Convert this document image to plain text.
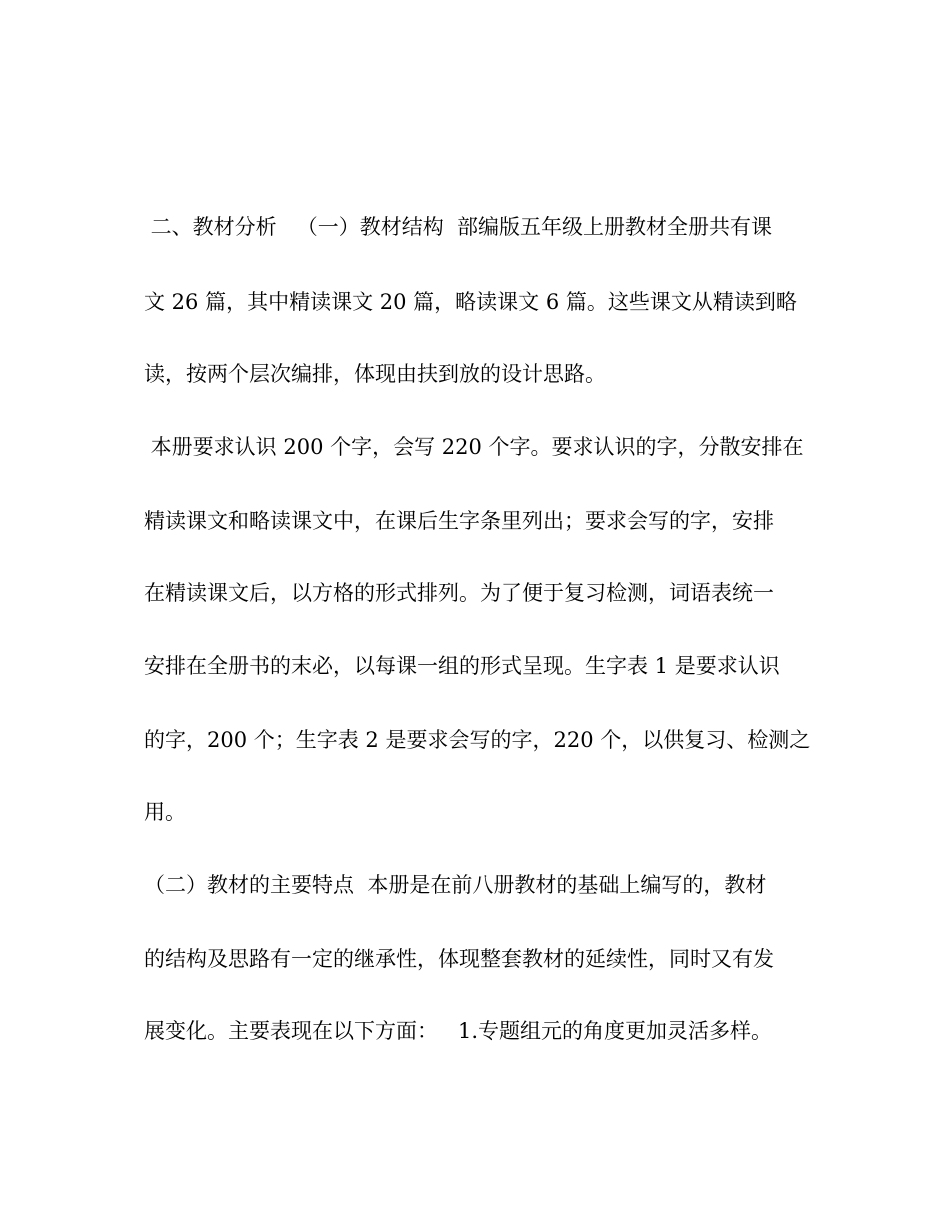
二、教材分析   （一）教材结构  部编版五年级上册教材全册共有课
文 26 篇，其中精读课文 20 篇，略读课文 6 篇。这些课文从精读到略
读，按两个层次编排，体现由扶到放的设计思路。
本册要求认识 200 个字，会写 220 个字。要求认识的字，分散安排在
精读课文和略读课文中，在课后生字条里列出；要求会写的字，安排
在精读课文后，以方格的形式排列。为了便于复习检测，词语表统一
安排在全册书的末必，以每课一组的形式呈现。生字表 1 是要求认识
的字，200 个；生字表 2 是要求会写的字，220 个，以供复习、检测之
用。
（二）教材的主要特点  本册是在前八册教材的基础上编写的，教材
的结构及思路有一定的继承性，体现整套教材的延续性，同时又有发
展变化。主要表现在以下方面：   1.专题组元的角度更加灵活多样。
